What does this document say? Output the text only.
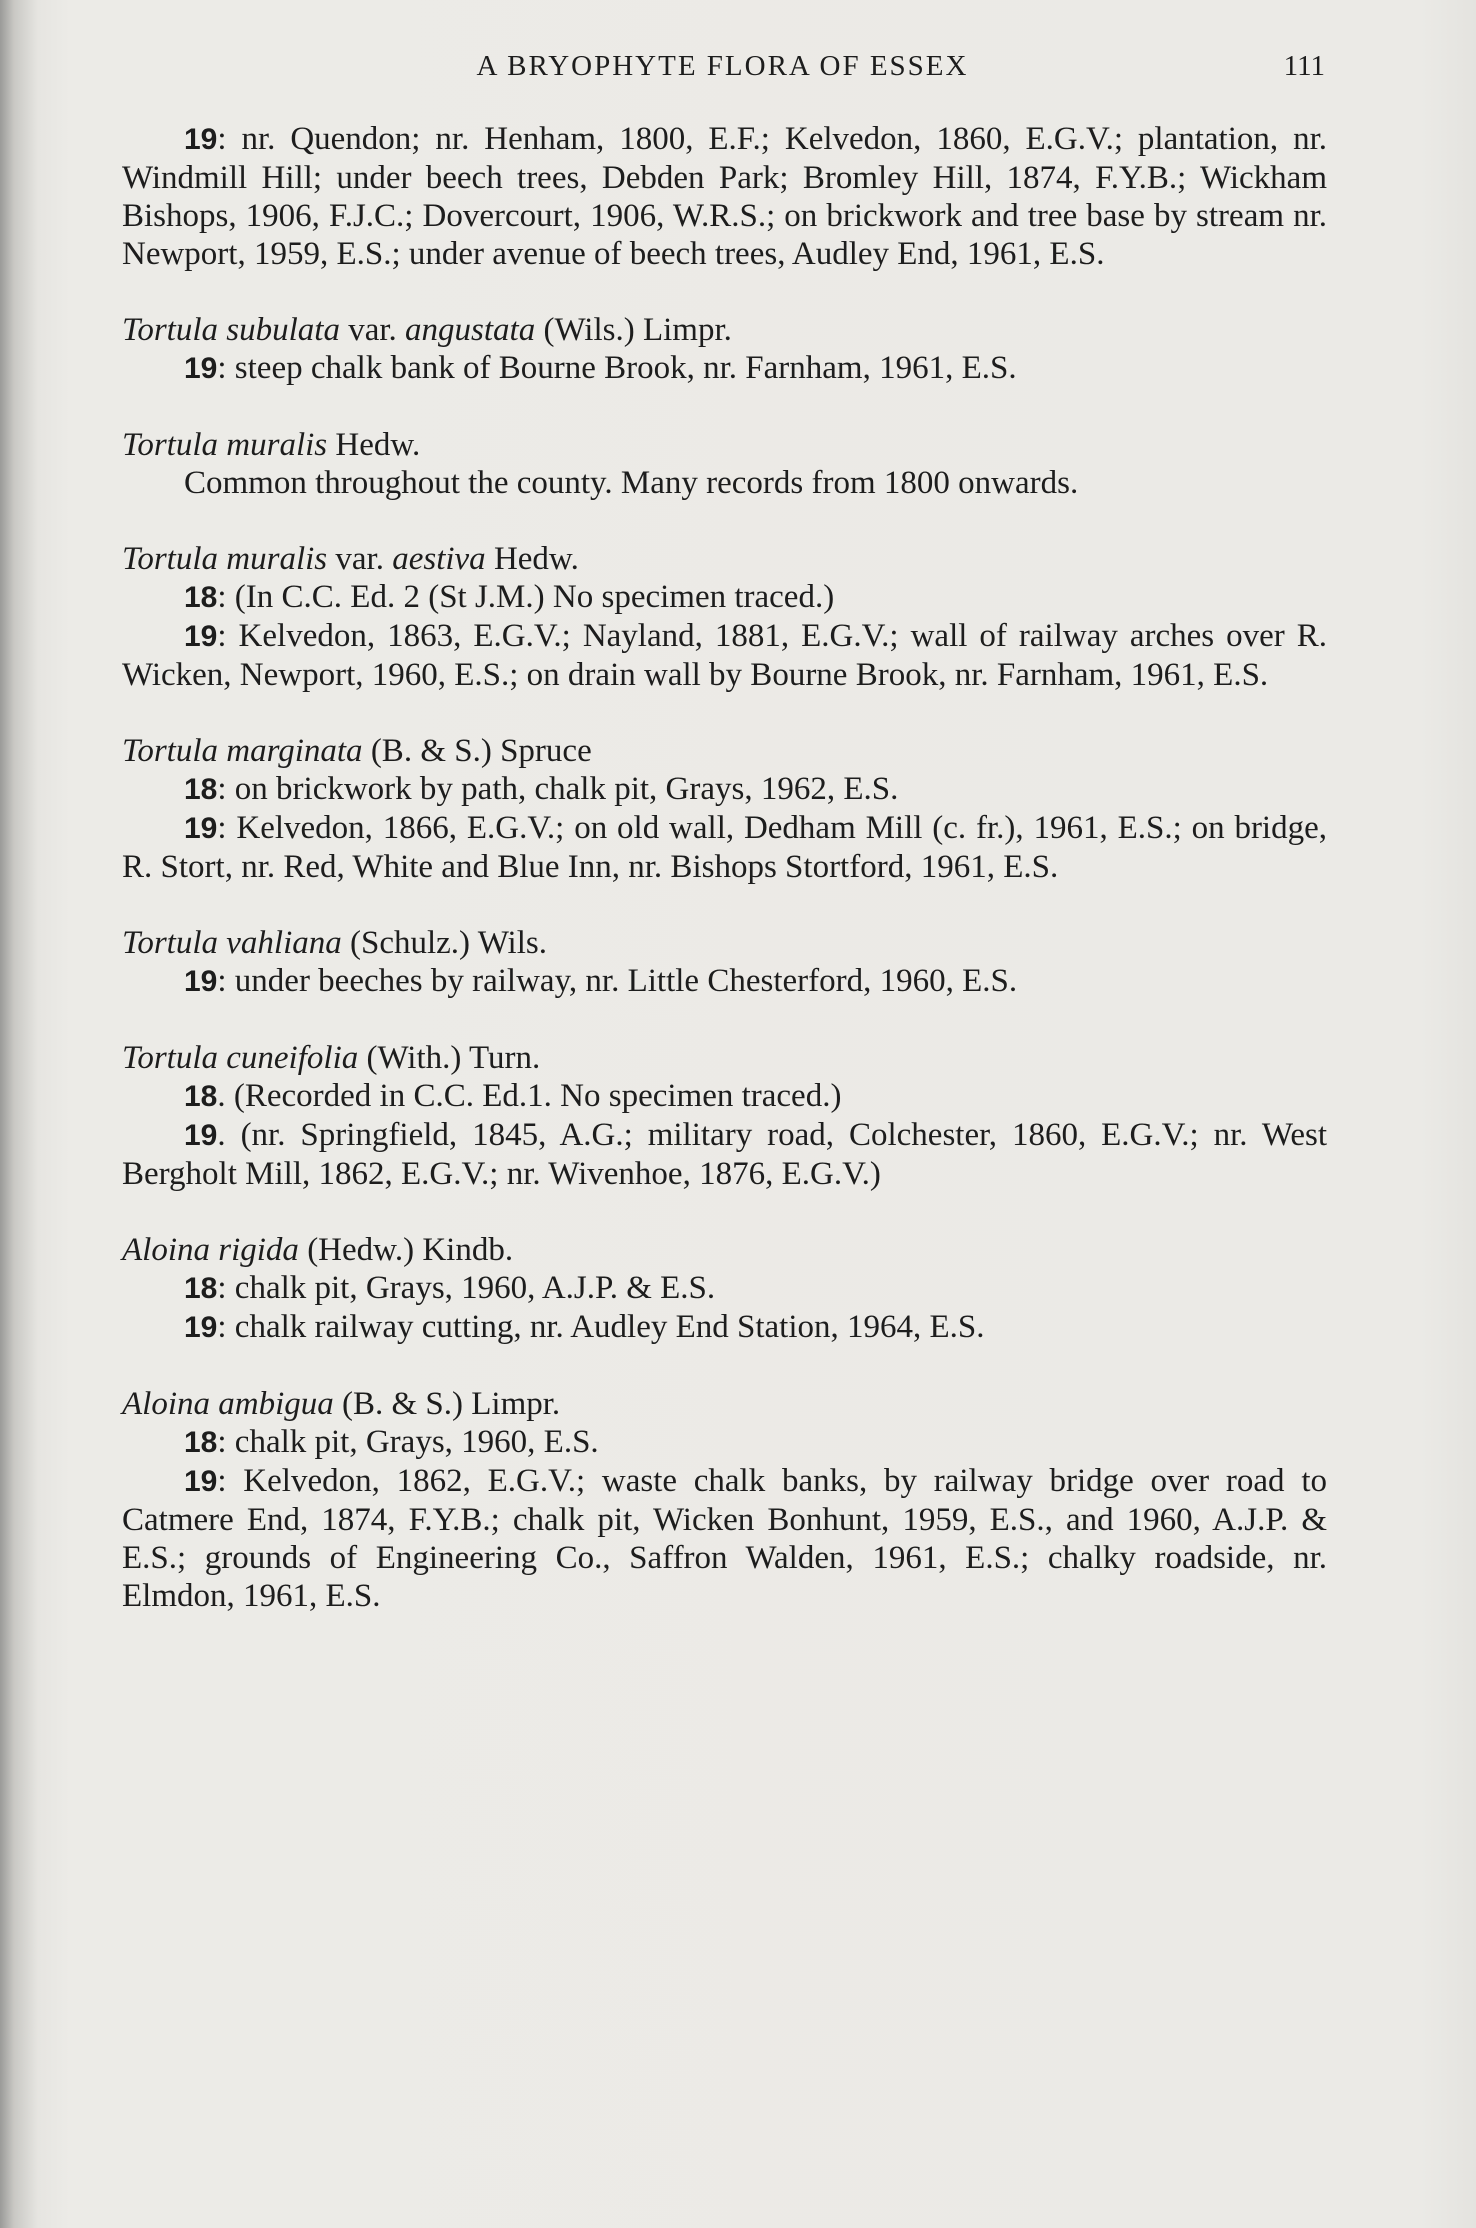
A BRYOPHYTE FLORA OF ESSEX	111

19: nr. Quendon; nr. Henham, 1800, E.F.; Kelvedon, 1860, E.G.V.; plantation, nr. Windmill Hill; under beech trees, Debden Park; Bromley Hill, 1874, F.Y.B.; Wickham Bishops, 1906, F.J.C.; Dovercourt, 1906, W.R.S.; on brickwork and tree base by stream nr. Newport, 1959, E.S.; under avenue of beech trees, Audley End, 1961, E.S.

Tortula subulata var. angustata (Wils.) Limpr.

19: steep chalk bank of Bourne Brook, nr. Farnham, 1961, E.S.

Tortula muralis Hedw.

Common throughout the county. Many records from 1800 onwards.

Tortula muralis var. aestiva Hedw.

18: (In C.C. Ed. 2 (St J.M.) No specimen traced.)

19: Kelvedon, 1863, E.G.V.; Nayland, 1881, E.G.V.; wall of railway arches over R. Wicken, Newport, 1960, E.S.; on drain wall by Bourne Brook, nr. Farnham, 1961, E.S.

Tortula marginata (B. & S.) Spruce

18: on brickwork by path, chalk pit, Grays, 1962, E.S.

19: Kelvedon, 1866, E.G.V.; on old wall, Dedham Mill (c. fr.), 1961, E.S.; on bridge, R. Stort, nr. Red, White and Blue Inn, nr. Bishops Stortford, 1961, E.S.

Tortula vahliana (Schulz.) Wils.

19: under beeches by railway, nr. Little Chesterford, 1960, E.S.

Tortula cuneifolia (With.) Turn.

18. (Recorded in C.C. Ed.1. No specimen traced.)

19. (nr. Springfield, 1845, A.G.; military road, Colchester, 1860, E.G.V.; nr. West Bergholt Mill, 1862, E.G.V.; nr. Wivenhoe, 1876, E.G.V.)

Aloina rigida (Hedw.) Kindb.

18: chalk pit, Grays, 1960, A.J.P. & E.S.

19: chalk railway cutting, nr. Audley End Station, 1964, E.S.

Aloina ambigua (B. & S.) Limpr.

18: chalk pit, Grays, 1960, E.S.

19: Kelvedon, 1862, E.G.V.; waste chalk banks, by railway bridge over road to Catmere End, 1874, F.Y.B.; chalk pit, Wicken Bonhunt, 1959, E.S., and 1960, A.J.P. & E.S.; grounds of Engineering Co., Saffron Walden, 1961, E.S.; chalky roadside, nr. Elmdon, 1961, E.S.
